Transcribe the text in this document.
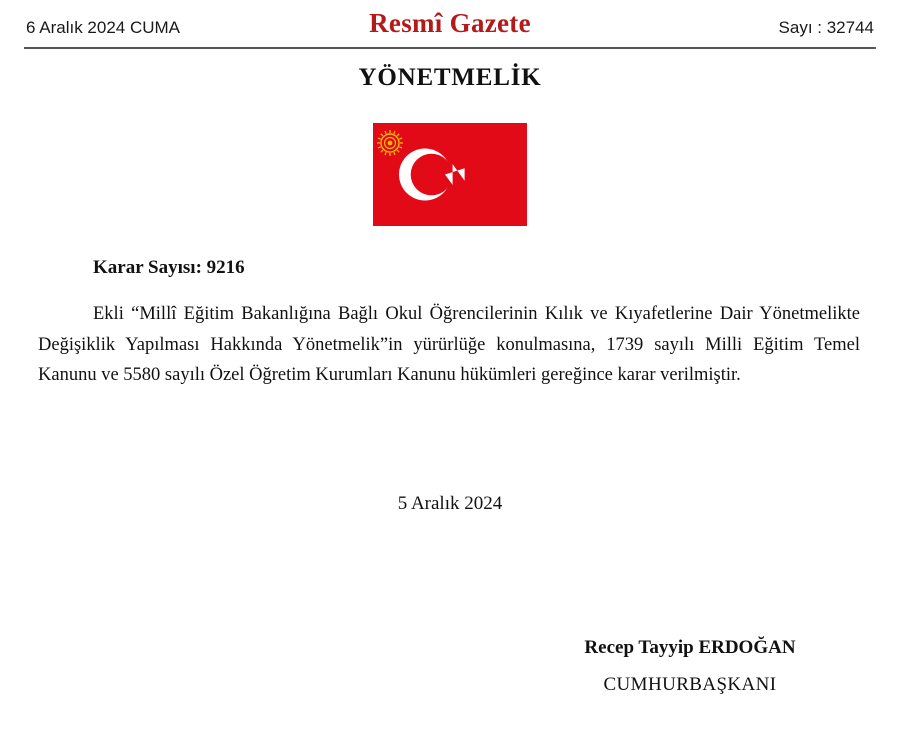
6 Aralık 2024 CUMA	Resmî Gazete	Sayı : 32744
YÖNETMELİK
Karar Sayısı: 9216

Ekli “Millî Eğitim Bakanlığına Bağlı Okul Öğrencilerinin Kılık ve Kıyafetlerine Dair Yönetmelikte Değişiklik Yapılması Hakkında Yönetmelik”in yürürlüğe konulmasına, 1739 sayılı Milli Eğitim Temel Kanunu ve 5580 sayılı Özel Öğretim Kurumları Kanunu hükümleri gereğince karar verilmiştir.

5 Aralık 2024
Recep Tayyip ERDOĞAN
CUMHURBAŞKANI
